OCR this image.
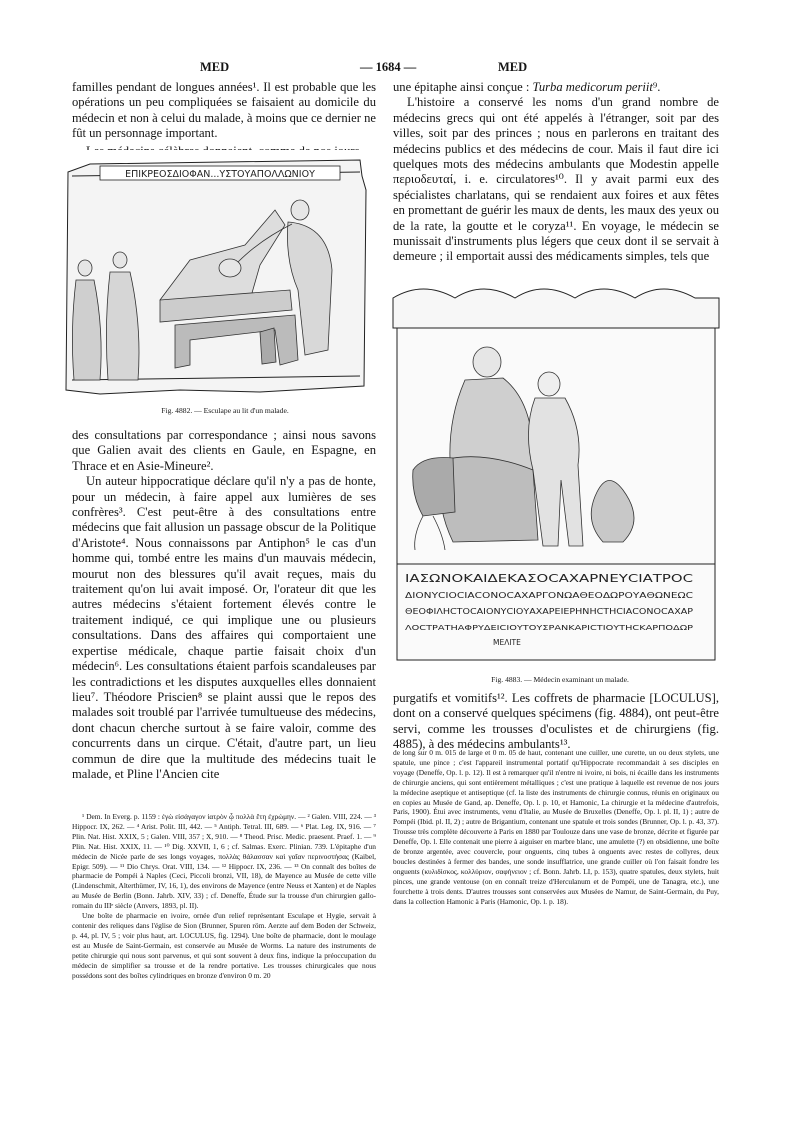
MED	— 1684 —	MED

familles pendant de longues années¹. Il est probable que les opérations un peu compliquées se faisaient au domicile du médecin et non à celui du malade, à moins que ce dernier ne fût un personnage important.

ΕΠΙΚΡΕΟΣΔΙΟΦΑΝ...ΥΣΤΟΥΑΠΟΛΛΩΝΙΟΥ
Fig. 4882. — Esculape au lit d'un malade.

des consultations par correspondance ; ainsi nous savons que Galien avait des clients en Gaule, en Espagne, en Thrace et en Asie-Mineure².

Un auteur hippocratique déclare qu'il n'y a pas de honte, pour un médecin, à faire appel aux lumières de ses confrères³. C'est peut-être à des consultations entre médecins que fait allusion un passage obscur de la Politique d'Aristote⁴. Nous connaissons par Antiphon⁵ le cas d'un homme qui, tombé entre les mains d'un mauvais médecin, mourut non des blessures qu'il avait reçues, mais du traitement qu'on lui avait imposé. Or, l'orateur dit que les autres médecins s'étaient fortement élevés contre le traitement indiqué, ce qui implique une ou plusieurs consultations. Dans des affaires qui comportaient une expertise médicale, chaque partie faisait choix d'un médecin⁶. Les consultations étaient parfois scandaleuses par les contradictions et les disputes auxquelles elles donnaient lieu⁷. Théodore Priscien⁸ se plaint aussi que le repos des malades soit troublé par l'arrivée tumultueuse des médecins, dont chacun cherche surtout à se faire valoir, comme des concurrents dans un cirque. C'était, d'autre part, un lieu commun de dire que la multitude des médecins tuait le malade, et Pline l'Ancien cite

¹ Dem. In Everg. p. 1159 : ἐγὼ εἰσάγαγον ἰατρὸν ᾧ πολλὰ ἔτη ἐχρώμην. — ² Galen. VIII, 224. — ³ Hippocr. IX, 262. — ⁴ Arist. Polit. III, 442. — ⁵ Antiph. Tetral. III, 689. — ⁶ Plat. Leg. IX, 916. — ⁷ Plin. Nat. Hist. XXIX, 5 ; Galen. VIII, 357 ; X, 910. — ⁸ Theod. Prisc. Medic. praesent. Praef. 1. — ⁹ Plin. Nat. Hist. XXIX, 11. — ¹⁰ Dig. XXVII, 1, 6 ; cf. Salmas. Exerc. Plinian. 739. L'épitaphe d'un médecin de Nicée parle de ses longs voyages, πολλὰς θάλασσαν καὶ γαῖαν περινοστήσας (Kaibel, Epigr. 509). — ¹¹ Dio Chrys. Orat. VIII, 134. — ¹² Hippocr. IX, 236. — ¹³ On connaît des boîtes de pharmacie de Pompéi à Naples (Ceci, Piccoli bronzi, VII, 18), de Mayence au Musée de cette ville (Lindenschmit, Alterthümer, IV, 16, 1), des environs de Mayence (entre Neuss et Xanten) et de Naples au Musée de Berlin (Bonn. Jahrb. XIV, 33) ; cf. Deneffe, Étude sur la trousse d'un chirurgien gallo-romain du IIIᵉ siècle (Anvers, 1893, pl. II).

Une boîte de pharmacie en ivoire, ornée d'un relief représentant Esculape et Hygie, servait à contenir des reliques dans l'église de Sion (Brunner, Spuren röm. Aerzte auf dem Boden der Schweiz, p. 44, pl. IV, 5 ; voir plus haut, art. LOCULUS, fig. 1294). Une boîte de pharmacie, dont le moulage est au Musée de Saint-Germain, est conservée au Musée de Worms. La nature des instruments de petite chirurgie qui nous sont parvenus, et qui sont souvent à deux fins, indique la préoccupation du médecin de simplifier sa trousse et de la rendre portative. Les trousses chirurgicales que nous possédons sont des boîtes cylindriques en bronze d'environ 0 m. 20

une épitaphe ainsi conçue : Turba medicorum periit⁹.

L'histoire a conservé les noms d'un grand nombre de médecins grecs qui ont été appelés à l'étranger, soit par des villes, soit par des princes ; nous en parlerons en traitant des médecins publics et des médecins de cour. Mais il faut dire ici quelques mots des médecins ambulants que Modestin appelle περιοδευταί, i. e. circulatores¹⁰. Il y avait parmi eux des spécialistes charlatans, qui se rendaient aux foires et aux fêtes en promettant de guérir les maux de dents, les maux des yeux ou de la rate, la goutte et le coryza¹¹. En voyage, le médecin se munissait d'instruments plus légers que ceux dont il se servait à demeure ; il emportait aussi des médicaments simples, tels que

ΙΑΣΩΝΟΚΑΙΔΕΚΑΣΟCΑΧΑΡΝΕΥCΙΑΤΡΟC
ΔΙΟΝΥCΙΟCΙΑCΟΝΟCΑΧΑΡΓΟΝΩΑΘΕΟΔΩΡΟΥΑΘΩΝΕΩC
ΘΕΟΦΙΛΗCΤΟCΑΙΟΝΥCΙΟΥΑΧΑΡΕΙΕΡΗΝΗCΤΗCΙΑCΟΝΟCΑΧΑΡ
ΛΟCΤΡΑΤΗΑΦΡΥΔΕΙCΙΟΥΤΟΥΣΡΑΝΚΑΡΙCΤΙΟΥΤΗCΚΑΡΠΟΔΩΡ
ΜΕΛΙΤΕ
Fig. 4883. — Médecin examinant un malade.

purgatifs et vomitifs¹². Les coffrets de pharmacie [LOCULUS], dont on a conservé quelques spécimens (fig. 4884), ont peut-être servi, comme les trousses d'oculistes et de chirurgiens (fig. 4885), à des médecins ambulants¹³.

de long sur 0 m. 015 de large et 0 m. 05 de haut, contenant une cuiller, une curette, un ou deux stylets, une spatule, une pince ; c'est l'appareil instrumental portatif qu'Hippocrate recommandait à ses disciples en voyage (Deneffe, Op. l. p. 12). Il est à remarquer qu'il n'entre ni ivoire, ni bois, ni écaille dans les instruments de chirurgie anciens, qui sont entièrement métalliques ; c'est une pratique à laquelle est revenue de nos jours la médecine aseptique et antiseptique (cf. la liste des instruments de chirurgie connus, réunis en originaux ou en copies au Musée de Gand, ap. Deneffe, Op. l. p. 10, et Hamonic, La chirurgie et la médecine d'autrefois, Paris, 1900). Étui avec instruments, venu d'Italie, au Musée de Bruxelles (Deneffe, Op. l. pl. II, 1) ; autre de Pompéi (Ibid. pl. II, 2) ; autre de Brigantium, contenant une spatule et trois sondes (Brunner, Op. l. p. 43, 37). Trousse très complète découverte à Paris en 1880 par Toulouze dans une vase de bronze, décrite et figurée par Deneffe, Op. l. Elle contenait une pierre à aiguiser en marbre blanc, une amulette (?) en obsidienne, une boîte de bronze argentée, avec couvercle, pour onguents, cinq tubes à onguents avec restes de collyres, deux boucles destinées à fermer des bandes, une sonde insufflatrice, une grande cuiller où l'on faisait fondre les onguents (κυλιδίσκος, κολλύριον, σαφήνειον ; cf. Bonn. Jahrb. LI, p. 153), quatre spatules, deux stylets, huit pinces, une grande ventouse (on en connaît treize d'Herculanum et de Pompéi, une de Tanagra, etc.), une fourchette à trois dents. D'autres trousses sont conservées aux Musées de Namur, de Saint-Germain, du Puy, dans la collection Hamonic à Paris (Hamonic, Op. l. p. 18).
